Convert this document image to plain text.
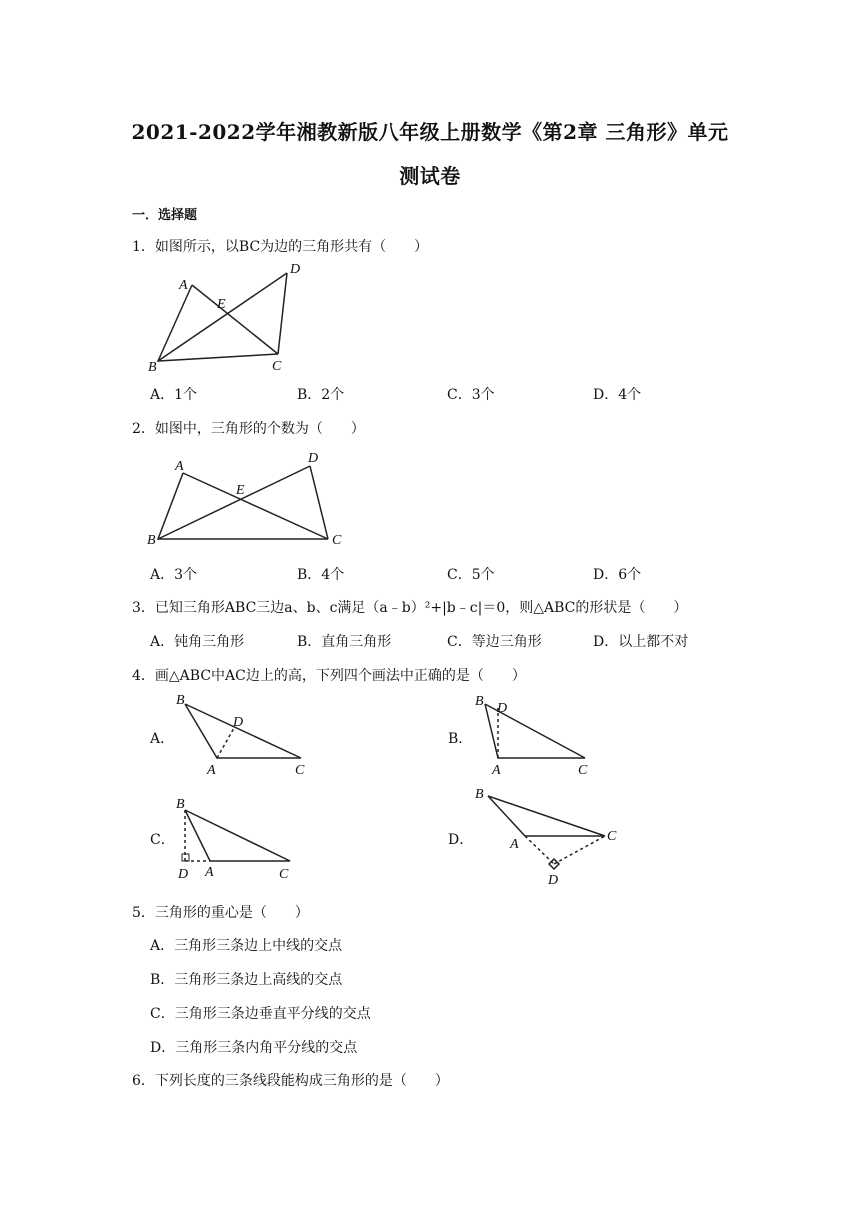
2021-2022学年湘教新版八年级上册数学《第2章 三角形》单元
测试卷
一．选择题
1．如图所示，以BC为边的三角形共有（　　）
A
E
D
B	C
A．1个	B．2个	C．3个	D．4个
2．如图中，三角形的个数为（　　）
A
E
D
B	C
A．3个	B．4个	C．5个	D．6个
3．已知三角形ABC三边a、b、c满足（a﹣b）²+|b﹣c|＝0，则△ABC的形状是（　　）
A．钝角三角形	B．直角三角形	C．等边三角形	D．以上都不对
4．画△ABC中AC边上的高，下列四个画法中正确的是（　　）
A．
B
D
A	C
B．
B D
A	C
C．
B
D A	C
D．
B
D
A
C
5．三角形的重心是（　　）
A．三角形三条边上中线的交点
B．三角形三条边上高线的交点
C．三角形三条边垂直平分线的交点
D．三角形三条内角平分线的交点
6．下列长度的三条线段能构成三角形的是（　　）
